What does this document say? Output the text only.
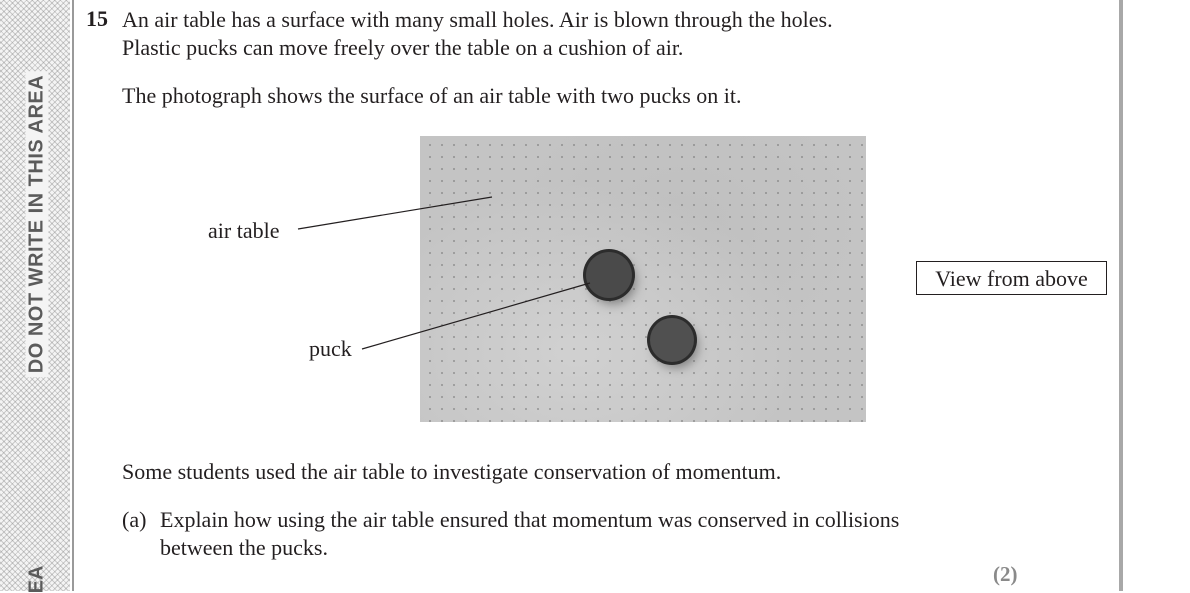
DO NOT WRITE IN THIS AREA
EA
15 An air table has a surface with many small holes. Air is blown through the holes.
Plastic pucks can move freely over the table on a cushion of air.
The photograph shows the surface of an air table with two pucks on it.
air table
puck
View from above
Some students used the air table to investigate conservation of momentum.
(a) Explain how using the air table ensured that momentum was conserved in collisions
between the pucks.
(2)
